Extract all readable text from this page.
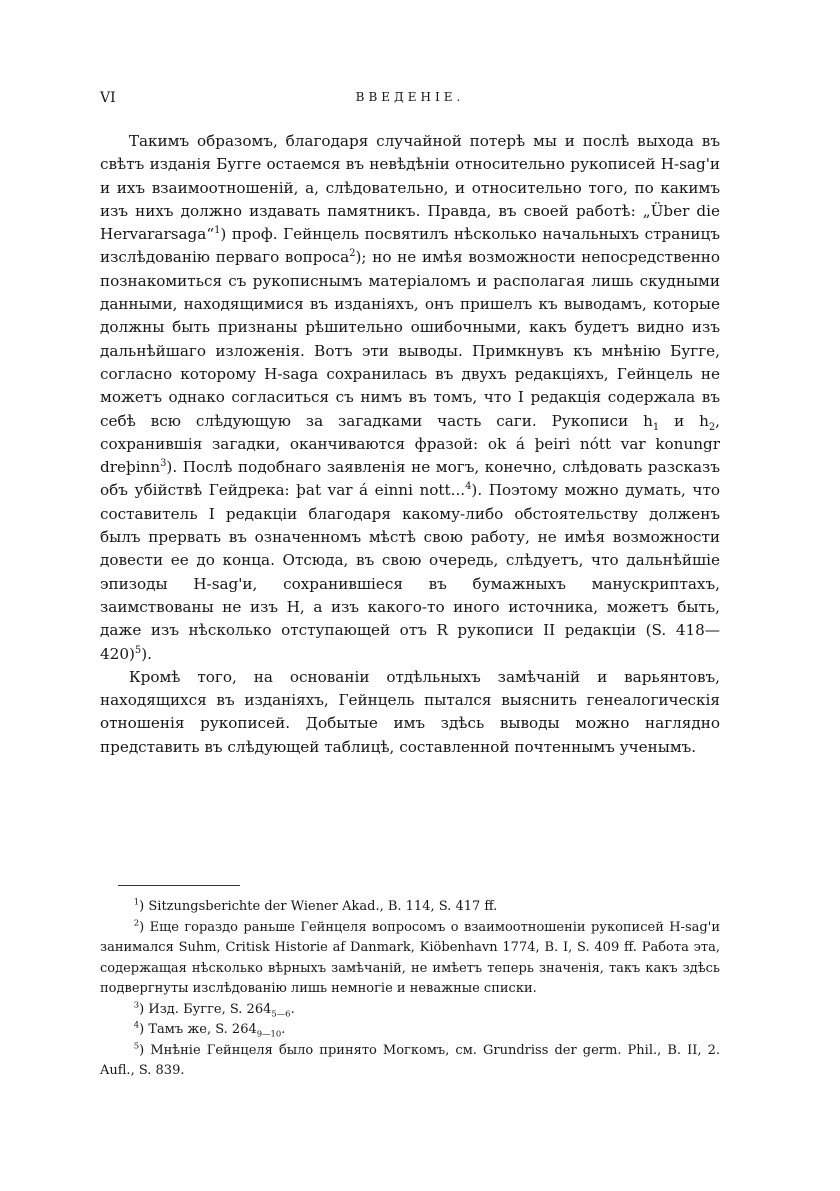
VI	ВВЕДЕНIЕ.

Такимъ образомъ, благодаря случайной потерѣ мы и послѣ выхода въ свѣтъ изданія Бугге остаемся въ невѣдѣніи относительно рукописей H-sag'и и ихъ взаимоотношеній, а, слѣдовательно, и относительно того, по какимъ изъ нихъ должно издавать памятникъ. Правда, въ своей работѣ: „Über die Hervararsaga“$^1$) проф. Гейнцель посвятилъ нѣсколько начальныхъ страницъ изслѣдованію перваго вопроса$^2$); но не имѣя возможности непосредственно познакомиться съ рукописнымъ матеріаломъ и располагая лишь скудными данными, находящимися въ изданіяхъ, онъ пришелъ къ выводамъ, которые должны быть признаны рѣшительно ошибочными, какъ будетъ видно изъ дальнѣйшаго изложенія. Вотъ эти выводы. Примкнувъ къ мнѣнію Бугге, согласно которому H-saga сохранилась въ двухъ редакціяхъ, Гейнцель не можетъ однако согласиться съ нимъ въ томъ, что I редакція содержала въ себѣ всю слѣдующую за загадками часть саги. Рукописи $h_1$ и $h_2$, сохранившія загадки, оканчиваются фразой: ok á þeiri nótt var konungr dreþinn$^3$). Послѣ подобнаго заявленія не могъ, конечно, слѣдовать разсказъ объ убійствѣ Гейдрека: þat var á einni nott...$^4$). Поэтому можно думать, что составитель I редакціи благодаря какому-либо обстоятельству долженъ былъ прервать въ означенномъ мѣстѣ свою работу, не имѣя возможности довести ее до конца. Отсюда, въ свою очередь, слѣдуетъ, что дальнѣйшіе эпизоды H-sag'и, сохранившіеся въ бумажныхъ манускриптахъ, заимствованы не изъ H, а изъ какого-то иного источника, можетъ быть, даже изъ нѣсколько отступающей отъ R рукописи II редакціи (S. 418—420)$^5$).

Кромѣ того, на основаніи отдѣльныхъ замѣчаній и варьянтовъ, находящихся въ изданіяхъ, Гейнцель пытался выяснить генеалогическія отношенія рукописей. Добытые имъ здѣсь выводы можно наглядно представить въ слѣдующей таблицѣ, составленной почтеннымъ ученымъ.

$^1$) Sitzungsberichte der Wiener Akad., B. 114, S. 417 ff.

$^2$) Еще гораздо раньше Гейнцеля вопросомъ о взаимоотношеніи рукописей H-sag'и занимался Suhm, Critisk Historie af Danmark, Kiöbenhavn 1774, B. I, S. 409 ff. Работа эта, содержащая нѣсколько вѣрныхъ замѣчаній, не имѣетъ теперь значенія, такъ какъ здѣсь подвергнуты изслѣдованію лишь немногіе и неважные списки.

$^3$) Изд. Бугге, S. $264_{5—6}$.

$^4$) Тамъ же, S. $264_{9—10}$.

$^5$) Мнѣніе Гейнцеля было принято Могкомъ, см. Grundriss der germ. Phil., B. II, 2. Aufl., S. 839.
